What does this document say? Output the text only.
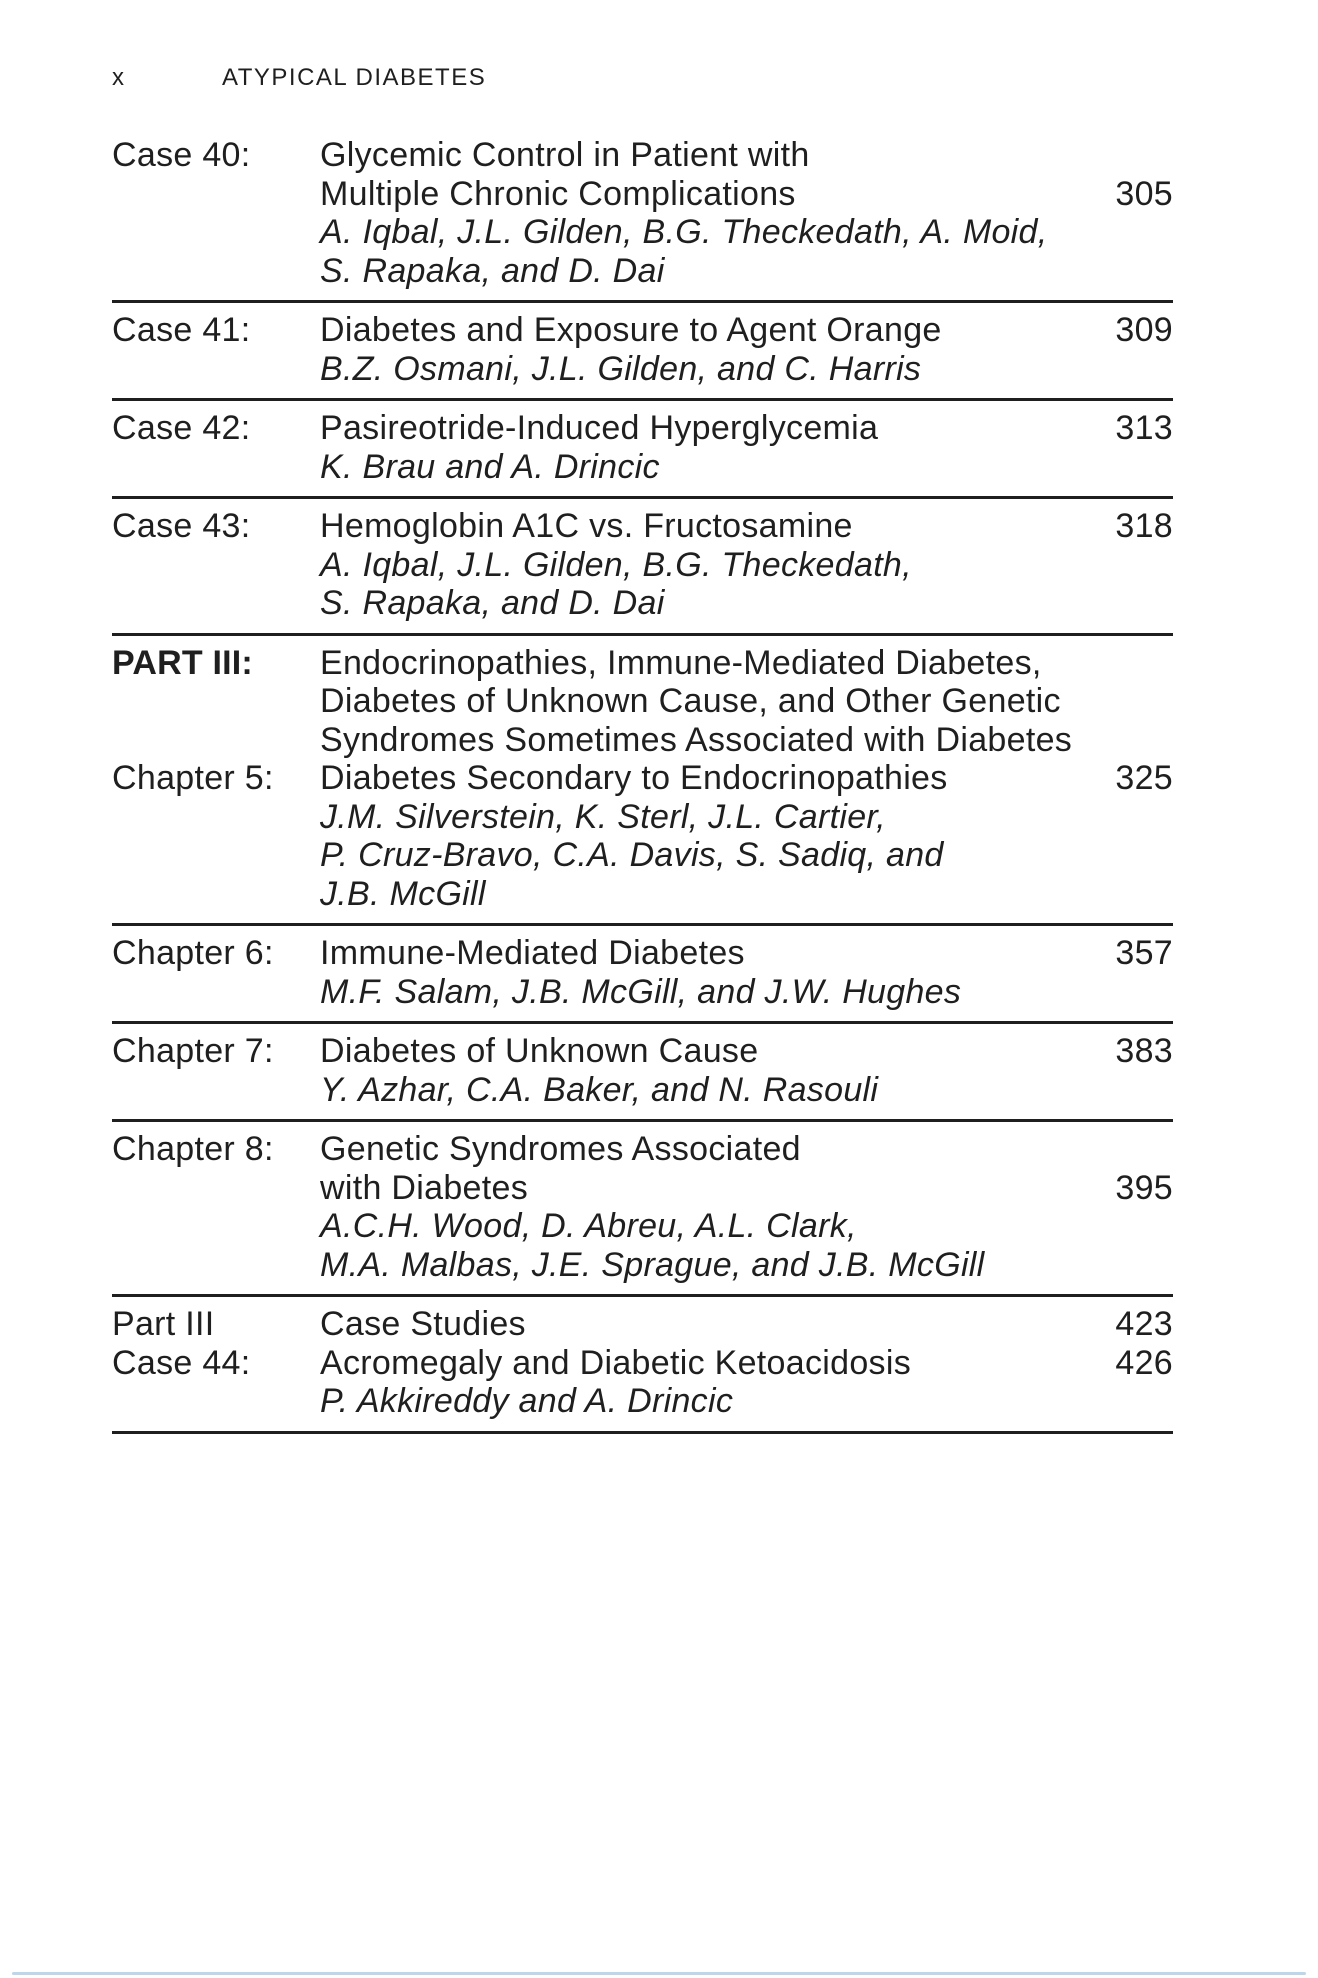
x	ATYPICAL DIABETES
Case 40:	Glycemic Control in Patient with
Multiple Chronic Complications	305
A. Iqbal, J.L. Gilden, B.G. Theckedath, A. Moid,
S. Rapaka, and D. Dai
Case 41:	Diabetes and Exposure to Agent Orange	309
B.Z. Osmani, J.L. Gilden, and C. Harris
Case 42:	Pasireotride-Induced Hyperglycemia	313
K. Brau and A. Drincic
Case 43:	Hemoglobin A1C vs. Fructosamine	318
A. Iqbal, J.L. Gilden, B.G. Theckedath,
S. Rapaka, and D. Dai
PART III:	Endocrinopathies, Immune-Mediated Diabetes,
Diabetes of Unknown Cause, and Other Genetic
Syndromes Sometimes Associated with Diabetes
Chapter 5:	Diabetes Secondary to Endocrinopathies	325
J.M. Silverstein, K. Sterl, J.L. Cartier,
P. Cruz-Bravo, C.A. Davis, S. Sadiq, and
J.B. McGill
Chapter 6:	Immune-Mediated Diabetes	357
M.F. Salam, J.B. McGill, and J.W. Hughes
Chapter 7:	Diabetes of Unknown Cause	383
Y. Azhar, C.A. Baker, and N. Rasouli
Chapter 8:	Genetic Syndromes Associated
with Diabetes	395
A.C.H. Wood, D. Abreu, A.L. Clark,
M.A. Malbas, J.E. Sprague, and J.B. McGill
Part III	Case Studies	423
Case 44:	Acromegaly and Diabetic Ketoacidosis	426
P. Akkireddy and A. Drincic
